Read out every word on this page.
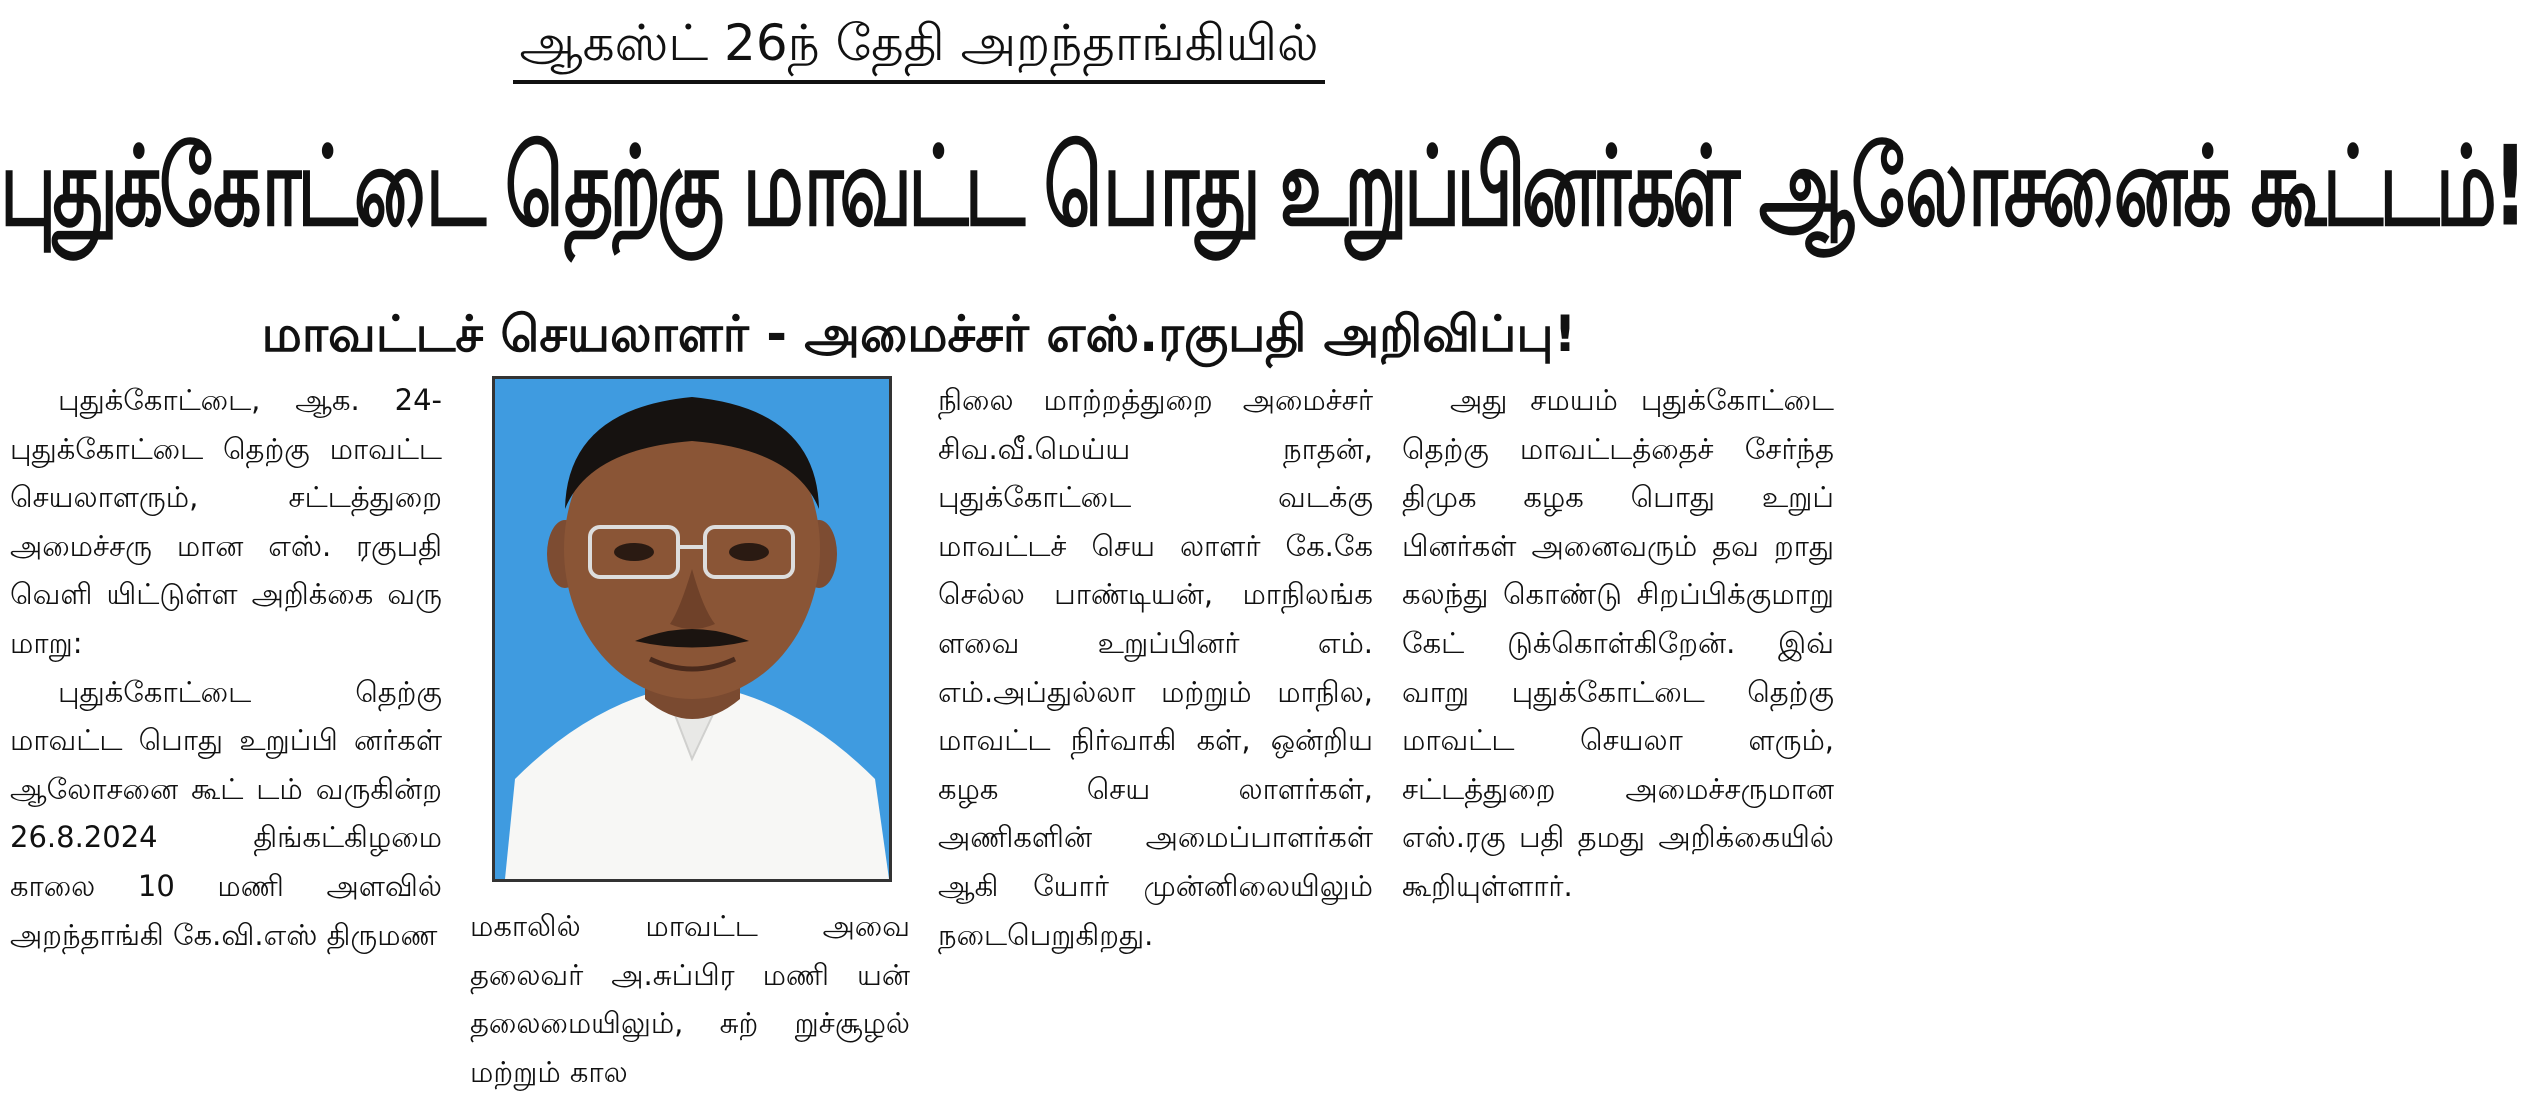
ஆகஸ்ட் 26ந் தேதி அறந்தாங்கியில்
புதுக்கோட்டை தெற்கு மாவட்ட பொது உறுப்பினர்கள் ஆலோசனைக் கூட்டம்!
மாவட்டச் செயலாளர் - அமைச்சர் எஸ்.ரகுபதி அறிவிப்பு!

புதுக்கோட்டை, ஆக. 24- புதுக்கோட்டை தெற்கு மாவட்ட செயலாளரும், சட்டத்துறை அமைச்சரு மான எஸ். ரகுபதி வெளி யிட்டுள்ள அறிக்கை வரு மாறு:

புதுக்கோட்டை தெற்கு மாவட்ட பொது உறுப்பி னர்கள் ஆலோசனை கூட் டம் வருகின்ற 26.8.2024 திங்கட்கிழமை காலை 10 மணி அளவில் அறந்தாங்கி கே.வி.எஸ் திருமண மகாலில் மாவட்ட அவை தலைவர் அ.சுப்பிர மணி யன் தலைமையிலும், சுற் றுச்சூழல் மற்றும் கால

நிலை மாற்றத்துறை அமைச்சர் சிவ.வீ.மெய்ய நாதன், புதுக்கோட்டை வடக்கு மாவட்டச் செய லாளர் கே.கே செல்ல பாண்டியன், மாநிலங்க ளவை உறுப்பினர் எம். எம்.அப்துல்லா மற்றும் மாநில, மாவட்ட நிர்வாகி கள், ஒன்றிய கழக செய லாளர்கள், அணிகளின் அமைப்பாளர்கள் ஆகி யோர் முன்னிலையிலும் நடைபெறுகிறது.

அது சமயம் புதுக்கோட்டை தெற்கு மாவட்டத்தைச் சேர்ந்த திமுக கழக பொது உறுப் பினர்கள் அனைவரும் தவ றாது கலந்து கொண்டு சிறப்பிக்குமாறு கேட் டுக்கொள்கிறேன். இவ் வாறு புதுக்கோட்டை தெற்கு மாவட்ட செயலா ளரும், சட்டத்துறை அமைச்சருமான எஸ்.ரகு பதி தமது அறிக்கையில் கூறியுள்ளார்.
